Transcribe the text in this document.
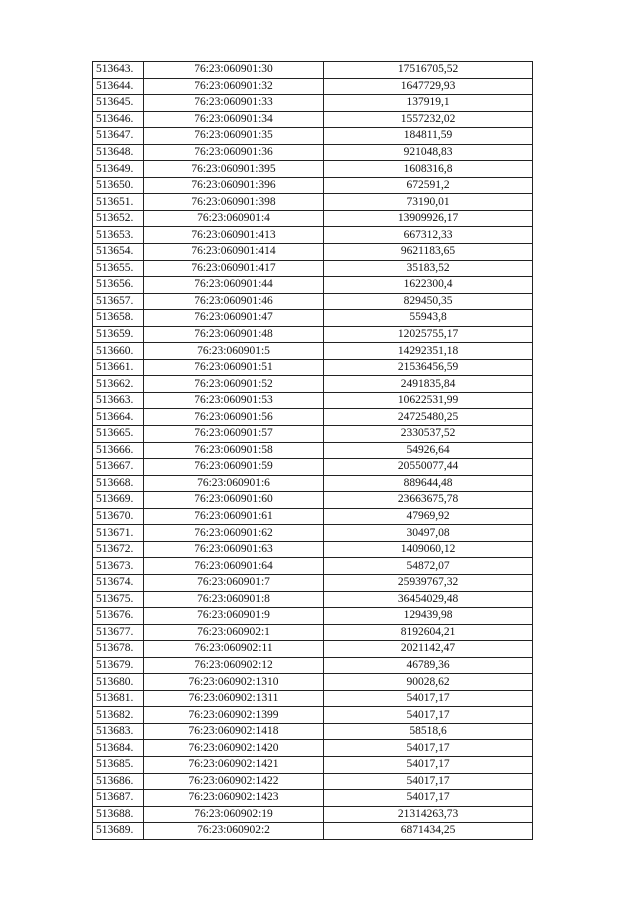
513643.	76:23:060901:30	17516705,52
513644.	76:23:060901:32	1647729,93
513645.	76:23:060901:33	137919,1
513646.	76:23:060901:34	1557232,02
513647.	76:23:060901:35	184811,59
513648.	76:23:060901:36	921048,83
513649.	76:23:060901:395	1608316,8
513650.	76:23:060901:396	672591,2
513651.	76:23:060901:398	73190,01
513652.	76:23:060901:4	13909926,17
513653.	76:23:060901:413	667312,33
513654.	76:23:060901:414	9621183,65
513655.	76:23:060901:417	35183,52
513656.	76:23:060901:44	1622300,4
513657.	76:23:060901:46	829450,35
513658.	76:23:060901:47	55943,8
513659.	76:23:060901:48	12025755,17
513660.	76:23:060901:5	14292351,18
513661.	76:23:060901:51	21536456,59
513662.	76:23:060901:52	2491835,84
513663.	76:23:060901:53	10622531,99
513664.	76:23:060901:56	24725480,25
513665.	76:23:060901:57	2330537,52
513666.	76:23:060901:58	54926,64
513667.	76:23:060901:59	20550077,44
513668.	76:23:060901:6	889644,48
513669.	76:23:060901:60	23663675,78
513670.	76:23:060901:61	47969,92
513671.	76:23:060901:62	30497,08
513672.	76:23:060901:63	1409060,12
513673.	76:23:060901:64	54872,07
513674.	76:23:060901:7	25939767,32
513675.	76:23:060901:8	36454029,48
513676.	76:23:060901:9	129439,98
513677.	76:23:060902:1	8192604,21
513678.	76:23:060902:11	2021142,47
513679.	76:23:060902:12	46789,36
513680.	76:23:060902:1310	90028,62
513681.	76:23:060902:1311	54017,17
513682.	76:23:060902:1399	54017,17
513683.	76:23:060902:1418	58518,6
513684.	76:23:060902:1420	54017,17
513685.	76:23:060902:1421	54017,17
513686.	76:23:060902:1422	54017,17
513687.	76:23:060902:1423	54017,17
513688.	76:23:060902:19	21314263,73
513689.	76:23:060902:2	6871434,25
